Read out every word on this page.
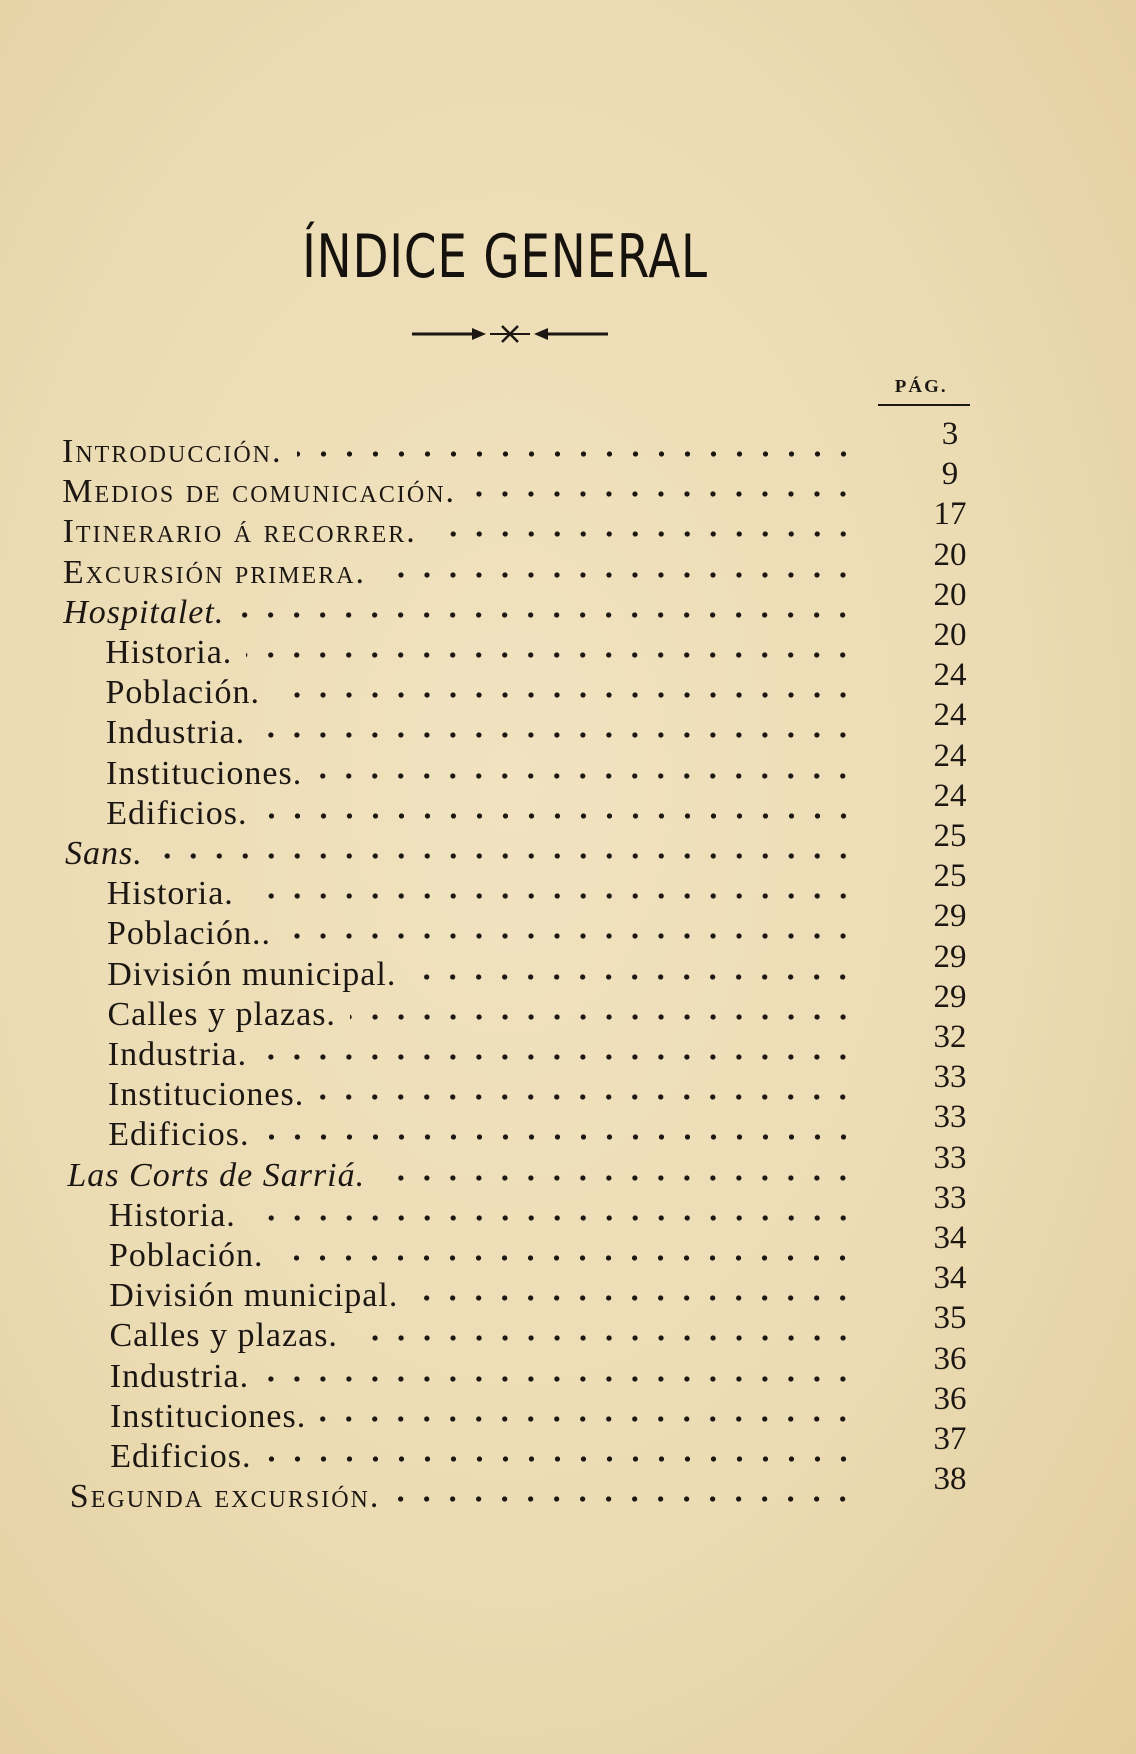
ÍNDICE GENERAL
PÁG.
Introducción.	3
Medios de comunicación.	9
Itinerario á recorrer.	17
Excursión primera.	20
Hospitalet.	20
Historia.	20
Población.	24
Industria.	24
Instituciones.	24
Edificios.	24
Sans.	25
Historia.	25
Población..	29
División municipal.	29
Calles y plazas.	29
Industria.	32
Instituciones.	33
Edificios.	33
Las Corts de Sarriá.	33
Historia.	33
Población.	34
División municipal.	34
Calles y plazas.	35
Industria.	36
Instituciones.	36
Edificios.	37
Segunda excursión.	38
